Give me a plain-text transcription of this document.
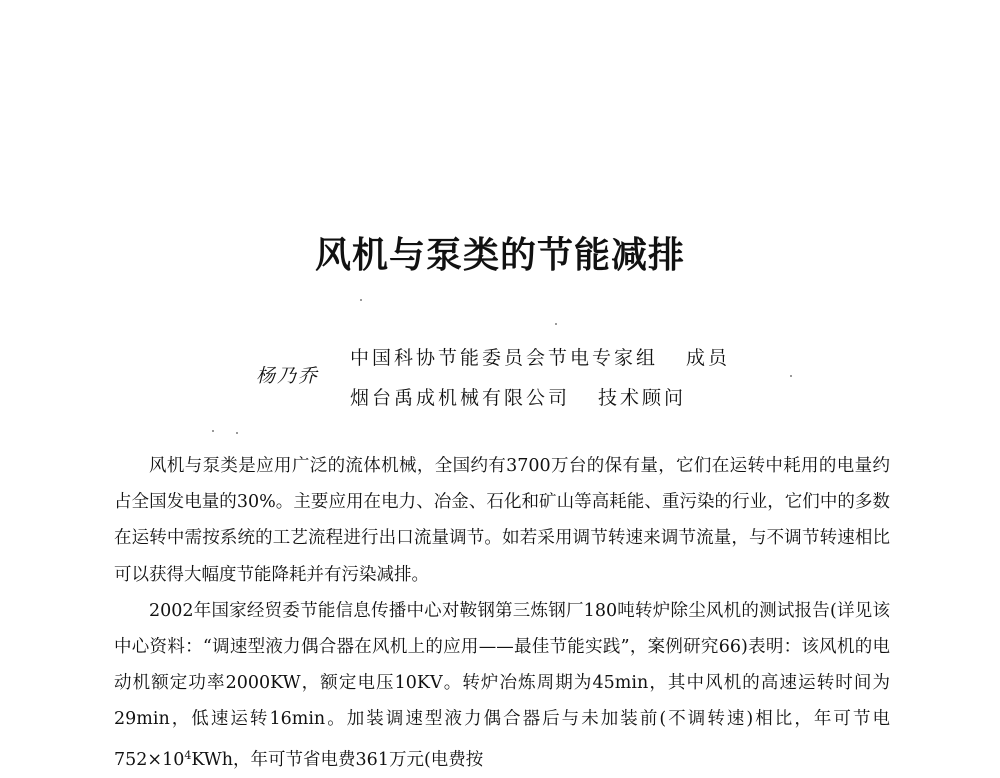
风机与泵类的节能减排
杨乃乔
中国科协节能委员会节电专家组 成员
烟台禹成机械有限公司 技术顾问

风机与泵类是应用广泛的流体机械，全国约有3700万台的保有量，它们在运转中耗用的电量约占全国发电量的30%。主要应用在电力、冶金、石化和矿山等高耗能、重污染的行业，它们中的多数在运转中需按系统的工艺流程进行出口流量调节。如若采用调节转速来调节流量，与不调节转速相比可以获得大幅度节能降耗并有污染减排。

2002年国家经贸委节能信息传播中心对鞍钢第三炼钢厂180吨转炉除尘风机的测试报告(详见该中心资料：“调速型液力偶合器在风机上的应用——最佳节能实践”，案例研究66)表明：该风机的电动机额定功率2000KW，额定电压10KV。转炉冶炼周期为45min，其中风机的高速运转时间为29min，低速运转16min。加装调速型液力偶合器后与未加装前(不调转速)相比，年可节电$752\times 10^4KWh$，年可节省电费361万元(电费按
